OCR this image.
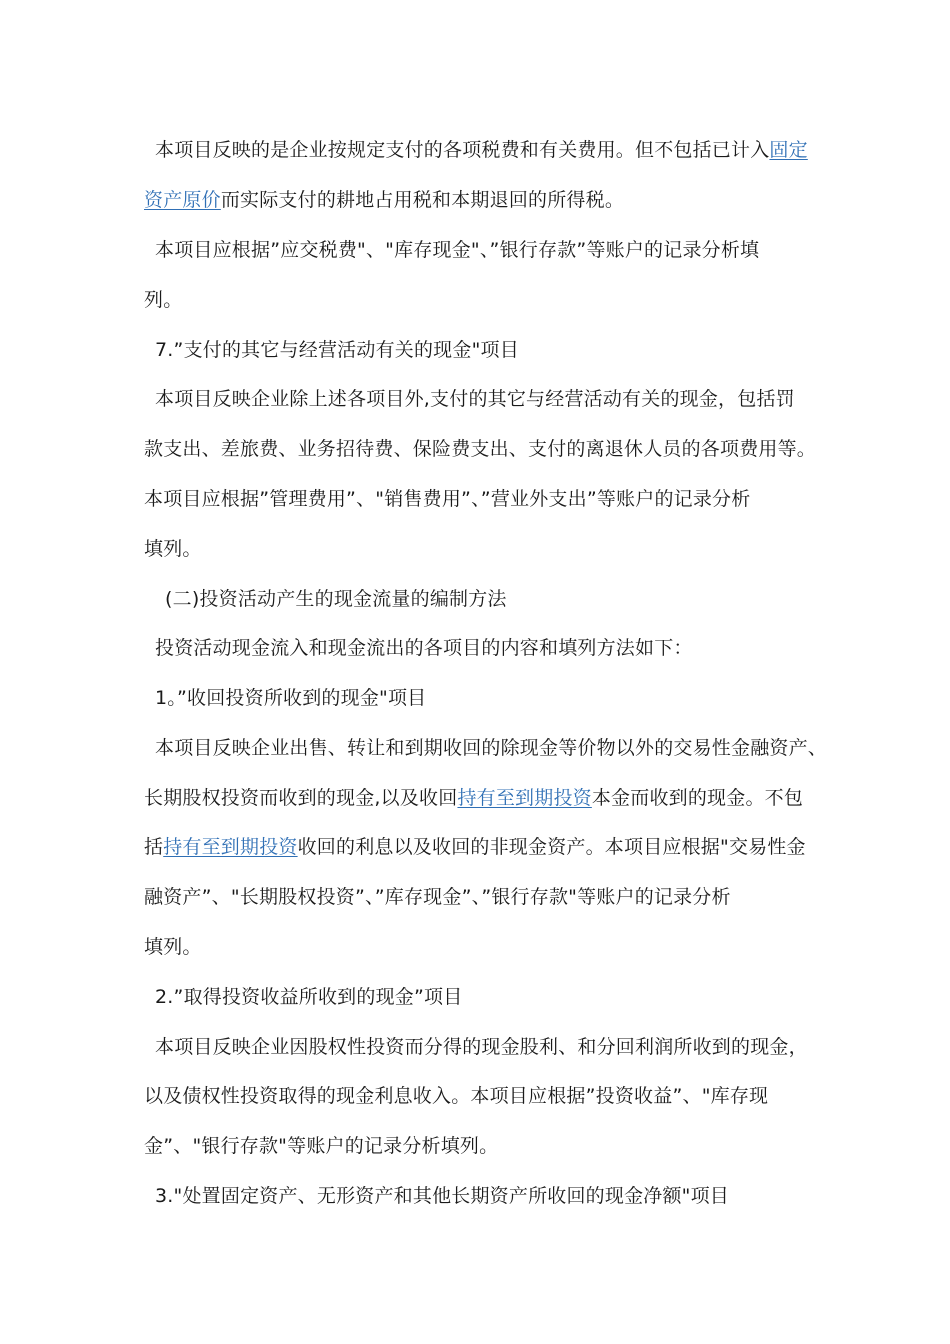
本项目反映的是企业按规定支付的各项税费和有关费用。但不包括已计入固定
资产原价而实际支付的耕地占用税和本期退回的所得税。
本项目应根据”应交税费"、"库存现金"、”银行存款”等账户的记录分析填
列。
7.”支付的其它与经营活动有关的现金"项目
本项目反映企业除上述各项目外,支付的其它与经营活动有关的现金，包括罚
款支出、差旅费、业务招待费、保险费支出、支付的离退休人员的各项费用等。
本项目应根据”管理费用”、"销售费用”、”营业外支出”等账户的记录分析
填列。
(二)投资活动产生的现金流量的编制方法
投资活动现金流入和现金流出的各项目的内容和填列方法如下：
1。”收回投资所收到的现金"项目
本项目反映企业出售、转让和到期收回的除现金等价物以外的交易性金融资产、
长期股权投资而收到的现金,以及收回持有至到期投资本金而收到的现金。不包
括持有至到期投资收回的利息以及收回的非现金资产。本项目应根据"交易性金
融资产”、"长期股权投资”、”库存现金”、”银行存款"等账户的记录分析
填列。
2.”取得投资收益所收到的现金”项目
本项目反映企业因股权性投资而分得的现金股利、和分回利润所收到的现金，
以及债权性投资取得的现金利息收入。本项目应根据”投资收益”、"库存现
金”、"银行存款"等账户的记录分析填列。
3."处置固定资产、无形资产和其他长期资产所收回的现金净额"项目
